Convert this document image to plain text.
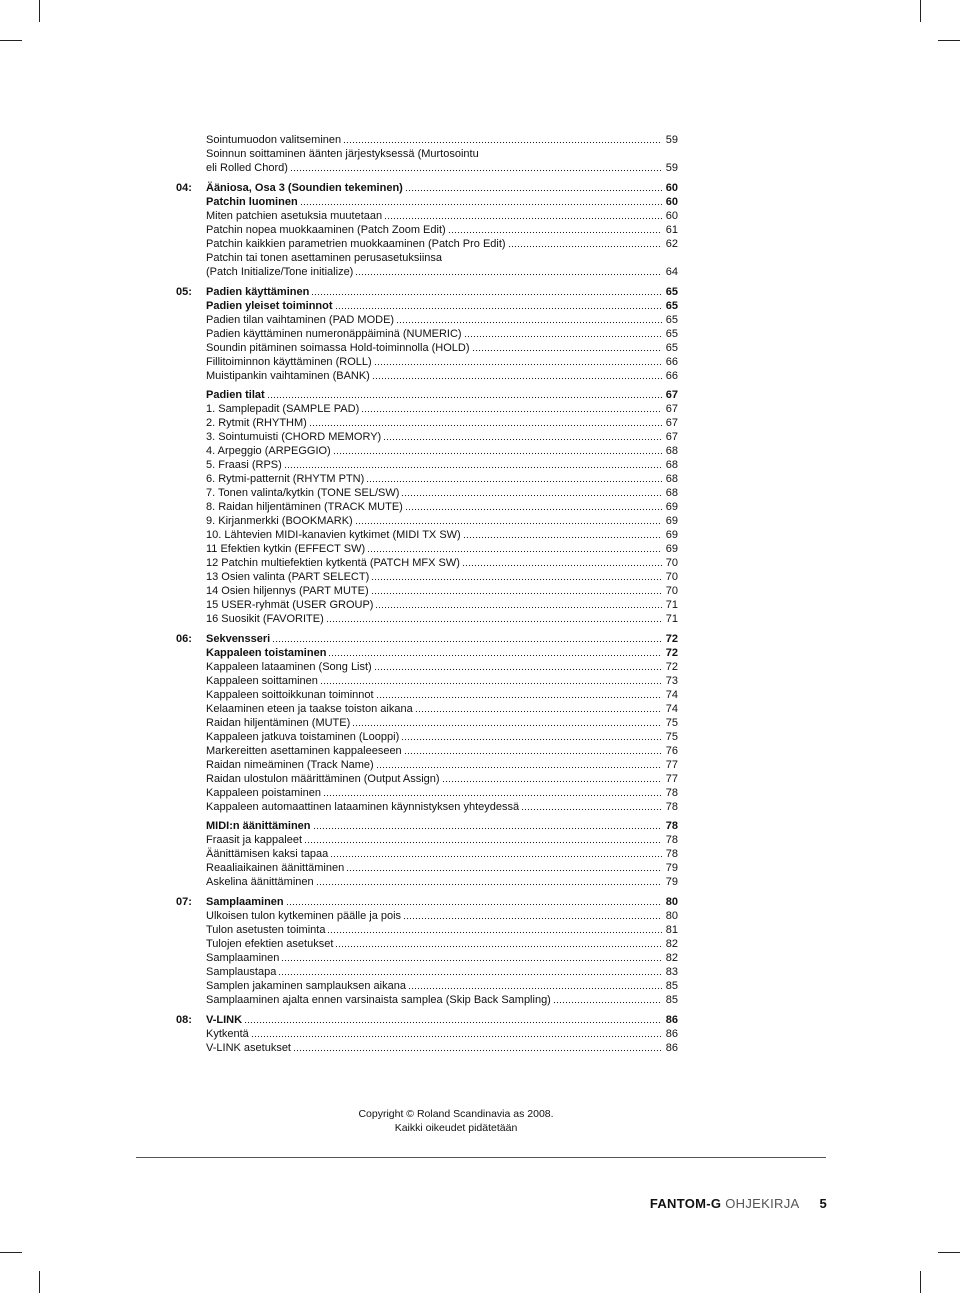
Sointumuodon valitseminen	59
Soinnun soittaminen äänten järjestyksessä (Murtosointu
eli Rolled Chord)	59
04:	Ääniosa, Osa 3 (Soundien tekeminen)	60
Patchin luominen	60
Miten patchien asetuksia muutetaan	60
Patchin nopea muokkaaminen (Patch Zoom Edit)	61
Patchin kaikkien parametrien muokkaaminen (Patch Pro Edit)	62
Patchin tai tonen asettaminen perusasetuksiinsa
(Patch Initialize/Tone initialize)	64
05:	Padien käyttäminen	65
Padien yleiset toiminnot	65
Padien tilan vaihtaminen (PAD MODE)	65
Padien käyttäminen numeronäppäiminä (NUMERIC)	65
Soundin pitäminen soimassa Hold-toiminnolla (HOLD)	65
Fillitoiminnon käyttäminen (ROLL)	66
Muistipankin vaihtaminen (BANK)	66
Padien tilat	67
1. Samplepadit (SAMPLE PAD)	67
2. Rytmit (RHYTHM)	67
3. Sointumuisti (CHORD MEMORY)	67
4. Arpeggio (ARPEGGIO)	68
5. Fraasi (RPS)	68
6. Rytmi-patternit (RHYTM PTN)	68
7. Tonen valinta/kytkin (TONE SEL/SW)	68
8. Raidan hiljentäminen (TRACK MUTE)	69
9. Kirjanmerkki (BOOKMARK)	69
10. Lähtevien MIDI-kanavien kytkimet (MIDI TX SW)	69
11 Efektien kytkin (EFFECT SW)	69
12 Patchin multiefektien kytkentä (PATCH MFX SW)	70
13 Osien valinta (PART SELECT)	70
14 Osien hiljennys (PART MUTE)	70
15 USER-ryhmät (USER GROUP)	71
16 Suosikit (FAVORITE)	71
06:	Sekvensseri	72
Kappaleen toistaminen	72
Kappaleen lataaminen (Song List)	72
Kappaleen soittaminen	73
Kappaleen soittoikkunan toiminnot	74
Kelaaminen eteen ja taakse toiston aikana	74
Raidan hiljentäminen (MUTE)	75
Kappaleen jatkuva toistaminen (Looppi)	75
Markereitten asettaminen kappaleeseen	76
Raidan nimeäminen (Track Name)	77
Raidan ulostulon määrittäminen (Output Assign)	77
Kappaleen poistaminen	78
Kappaleen automaattinen lataaminen käynnistyksen yhteydessä	78
MIDI:n äänittäminen	78
Fraasit ja kappaleet	78
Äänittämisen kaksi tapaa	78
Reaaliaikainen äänittäminen	79
Askelina äänittäminen	79
07:	Samplaaminen	80
Ulkoisen tulon kytkeminen päälle ja pois	80
Tulon asetusten toiminta	81
Tulojen efektien asetukset	82
Samplaaminen	82
Samplaustapa	83
Samplen jakaminen samplauksen aikana	85
Samplaaminen ajalta ennen varsinaista samplea (Skip Back Sampling)	85
08:	V-LINK	86
Kytkentä	86
V-LINK asetukset	86
Copyright © Roland Scandinavia as 2008.
Kaikki oikeudet pidätetään
FANTOM-G OHJEKIRJA 5
